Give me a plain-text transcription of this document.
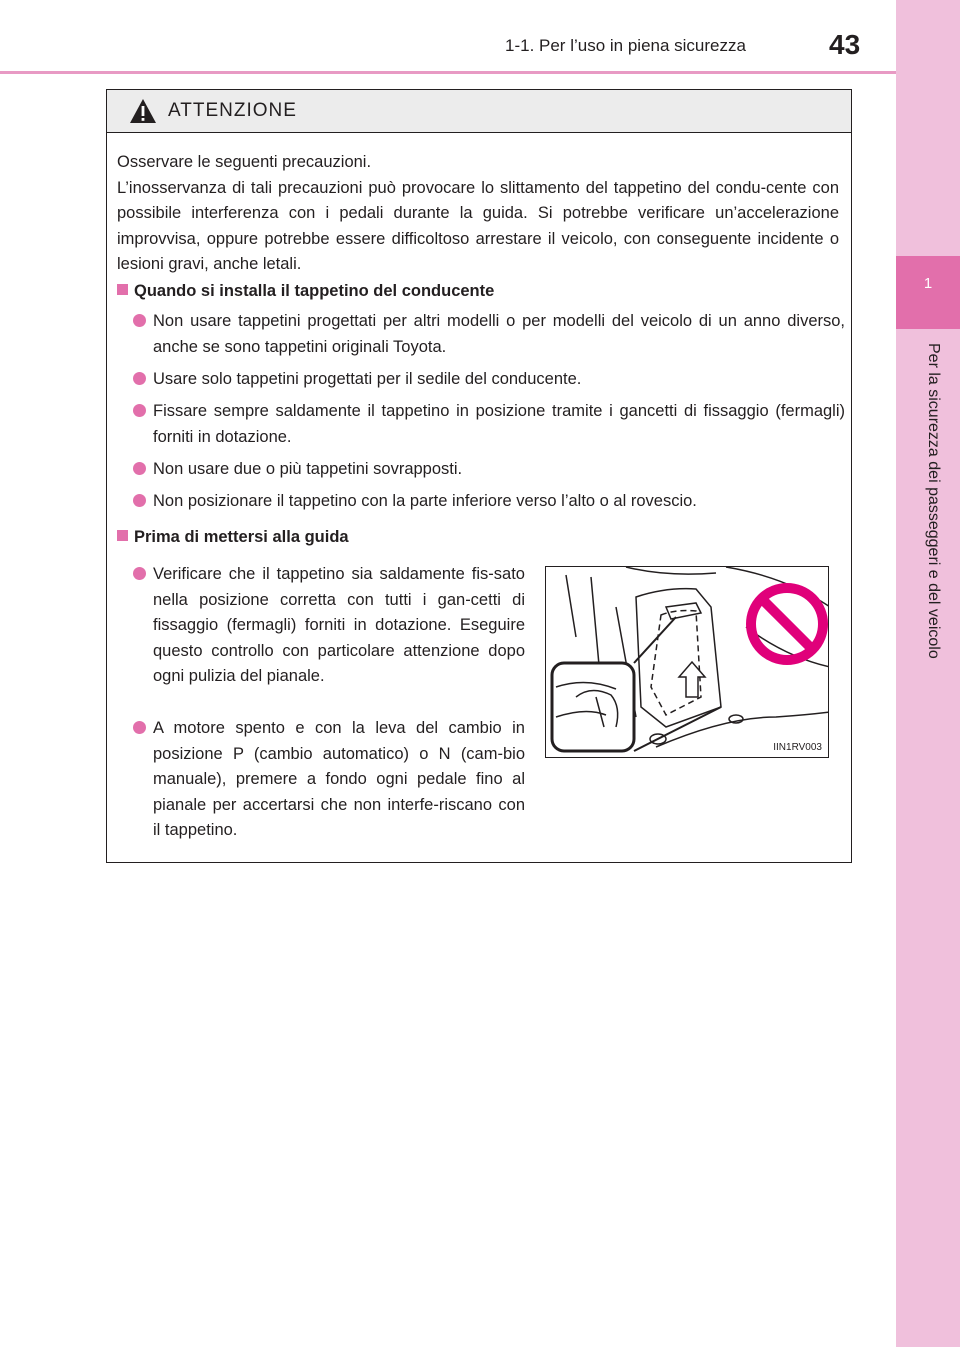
1-1. Per l’uso in piena sicurezza	43
1
Per la sicurezza dei passeggeri e del veicolo
ATTENZIONE

Osservare le seguenti precauzioni.
L’inosservanza di tali precauzioni può provocare lo slittamento del tappetino del condu-cente con possibile interferenza con i pedali durante la guida. Si potrebbe verificare un’accelerazione improvvisa, oppure potrebbe essere difficoltoso arrestare il veicolo, con conseguente incidente o lesioni gravi, anche letali.

Quando si installa il tappetino del conducente
Non usare tappetini progettati per altri modelli o per modelli del veicolo di un anno diverso, anche se sono tappetini originali Toyota.
Usare solo tappetini progettati per il sedile del conducente.
Fissare sempre saldamente il tappetino in posizione tramite i gancetti di fissaggio (fermagli) forniti in dotazione.
Non usare due o più tappetini sovrapposti.
Non posizionare il tappetino con la parte inferiore verso l’alto o al rovescio.
Prima di mettersi alla guida
Verificare che il tappetino sia saldamente fis-sato nella posizione corretta con tutti i gan-cetti di fissaggio (fermagli) forniti in dotazione. Eseguire questo controllo con particolare attenzione dopo ogni pulizia del pianale.
A motore spento e con la leva del cambio in posizione P (cambio automatico) o N (cam-bio manuale), premere a fondo ogni pedale fino al pianale per accertarsi che non interfe-riscano con il tappetino.
IIN1RV003
